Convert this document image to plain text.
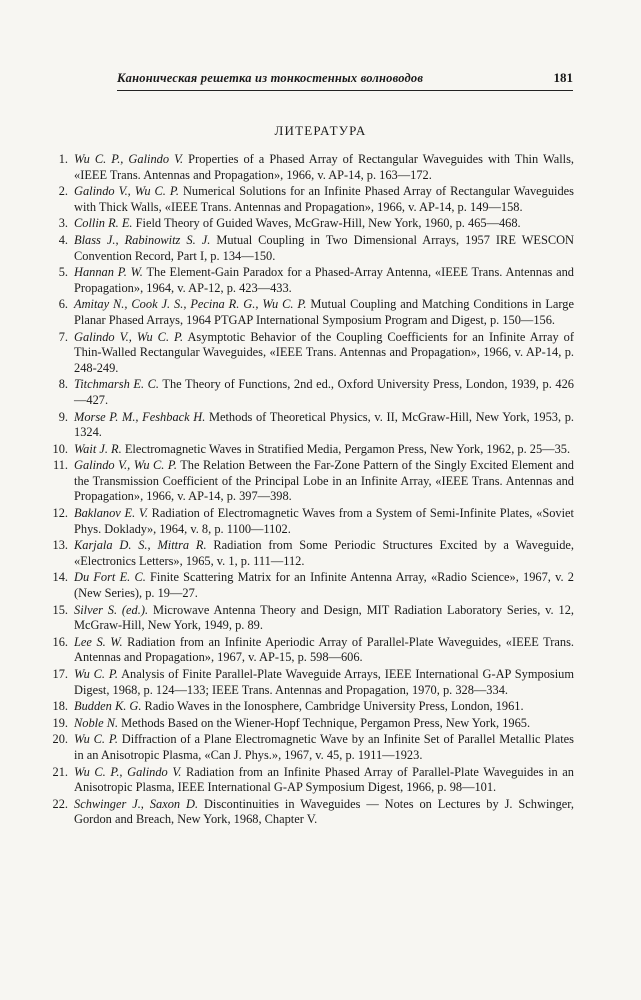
Каноническая решетка из тонкостенных волноводов	181
ЛИТЕРАТУРА
1. Wu C. P., Galindo V. Properties of a Phased Array of Rectangular Waveguides with Thin Walls, «IEEE Trans. Antennas and Propagation», 1966, v. AP-14, p. 163—172.
2. Galindo V., Wu C. P. Numerical Solutions for an Infinite Phased Array of Rectangular Waveguides with Thick Walls, «IEEE Trans. Antennas and Propagation», 1966, v. AP-14, p. 149—158.
3. Collin R. E. Field Theory of Guided Waves, McGraw-Hill, New York, 1960, p. 465—468.
4. Blass J., Rabinowitz S. J. Mutual Coupling in Two Dimensional Arrays, 1957 IRE WESCON Convention Record, Part I, p. 134—150.
5. Hannan P. W. The Element-Gain Paradox for a Phased-Array Antenna, «IEEE Trans. Antennas and Propagation», 1964, v. AP-12, p. 423—433.
6. Amitay N., Cook J. S., Pecina R. G., Wu C. P. Mutual Coupling and Matching Conditions in Large Planar Phased Arrays, 1964 PTGAP International Symposium Program and Digest, p. 150—156.
7. Galindo V., Wu C. P. Asymptotic Behavior of the Coupling Coefficients for an Infinite Array of Thin-Walled Rectangular Waveguides, «IEEE Trans. Antennas and Propagation», 1966, v. AP-14, p. 248-249.
8. Titchmarsh E. C. The Theory of Functions, 2nd ed., Oxford University Press, London, 1939, p. 426—427.
9. Morse P. M., Feshback H. Methods of Theoretical Physics, v. II, McGraw-Hill, New York, 1953, p. 1324.
10. Wait J. R. Electromagnetic Waves in Stratified Media, Pergamon Press, New York, 1962, p. 25—35.
11. Galindo V., Wu C. P. The Relation Between the Far-Zone Pattern of the Singly Excited Element and the Transmission Coefficient of the Principal Lobe in an Infinite Array, «IEEE Trans. Antennas and Propagation», 1966, v. AP-14, p. 397—398.
12. Baklanov E. V. Radiation of Electromagnetic Waves from a System of Semi-Infinite Plates, «Soviet Phys. Doklady», 1964, v. 8, p. 1100—1102.
13. Karjala D. S., Mittra R. Radiation from Some Periodic Structures Excited by a Waveguide, «Electronics Letters», 1965, v. 1, p. 111—112.
14. Du Fort E. C. Finite Scattering Matrix for an Infinite Antenna Array, «Radio Science», 1967, v. 2 (New Series), p. 19—27.
15. Silver S. (ed.). Microwave Antenna Theory and Design, MIT Radiation Laboratory Series, v. 12, McGraw-Hill, New York, 1949, p. 89.
16. Lee S. W. Radiation from an Infinite Aperiodic Array of Parallel-Plate Waveguides, «IEEE Trans. Antennas and Propagation», 1967, v. AP-15, p. 598—606.
17. Wu C. P. Analysis of Finite Parallel-Plate Waveguide Arrays, IEEE International G-AP Symposium Digest, 1968, p. 124—133; IEEE Trans. Antennas and Propagation, 1970, p. 328—334.
18. Budden K. G. Radio Waves in the Ionosphere, Cambridge University Press, London, 1961.
19. Noble N. Methods Based on the Wiener-Hopf Technique, Pergamon Press, New York, 1965.
20. Wu C. P. Diffraction of a Plane Electromagnetic Wave by an Infinite Set of Parallel Metallic Plates in an Anisotropic Plasma, «Can J. Phys.», 1967, v. 45, p. 1911—1923.
21. Wu C. P., Galindo V. Radiation from an Infinite Phased Array of Parallel-Plate Waveguides in an Anisotropic Plasma, IEEE International G-AP Symposium Digest, 1966, p. 98—101.
22. Schwinger J., Saxon D. Discontinuities in Waveguides — Notes on Lectures by J. Schwinger, Gordon and Breach, New York, 1968, Chapter V.
